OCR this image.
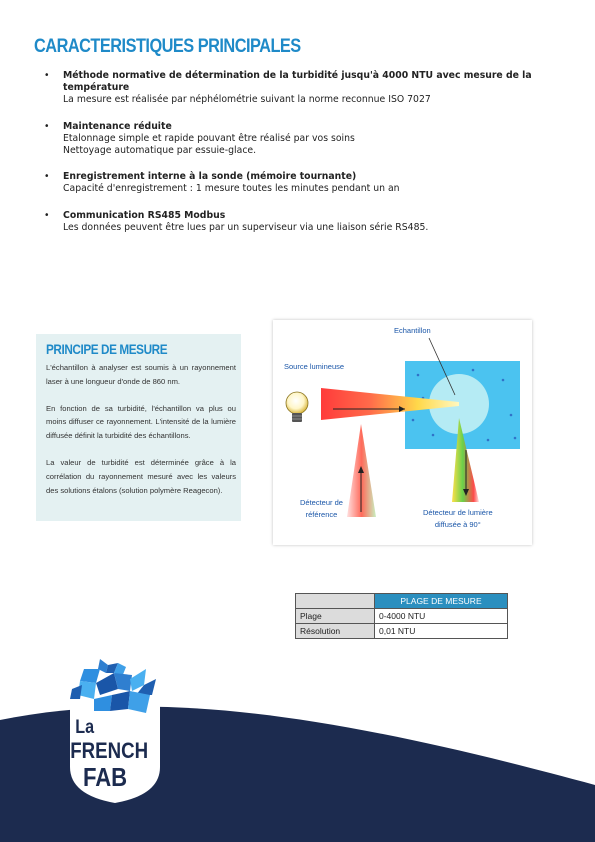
CARACTERISTIQUES PRINCIPALES
• Méthode normative de détermination de la turbidité jusqu'à 4000 NTU avec mesure de la température
La mesure est réalisée par néphélométrie suivant la norme reconnue ISO 7027
• Maintenance réduite
Etalonnage simple et rapide pouvant être réalisé par vos soins
Nettoyage automatique par essuie-glace.
• Enregistrement interne à la sonde (mémoire tournante)
Capacité d'enregistrement : 1 mesure toutes les minutes pendant un an
• Communication RS485 Modbus
Les données peuvent être lues par un superviseur via une liaison série RS485.
PRINCIPE DE MESURE

L'échantillon à analyser est soumis à un rayonnement laser à une longueur d'onde de 860 nm.

En fonction de sa turbidité, l'échantillon va plus ou moins diffuser ce rayonnement. L'intensité de la lumière diffusée définit la turbidité des échantillons.

La valeur de turbidité est déterminée grâce à la corrélation du rayonnement mesuré avec les valeurs des solutions étalons (solution polymère Reagecon).

Echantillon
Source lumineuse
Détecteur de
référence	Détecteur de lumière
diffusée à 90°
	PLAGE DE MESURE
Plage	0-4000 NTU
Résolution	0,01 NTU
La
FRENCH
FAB
